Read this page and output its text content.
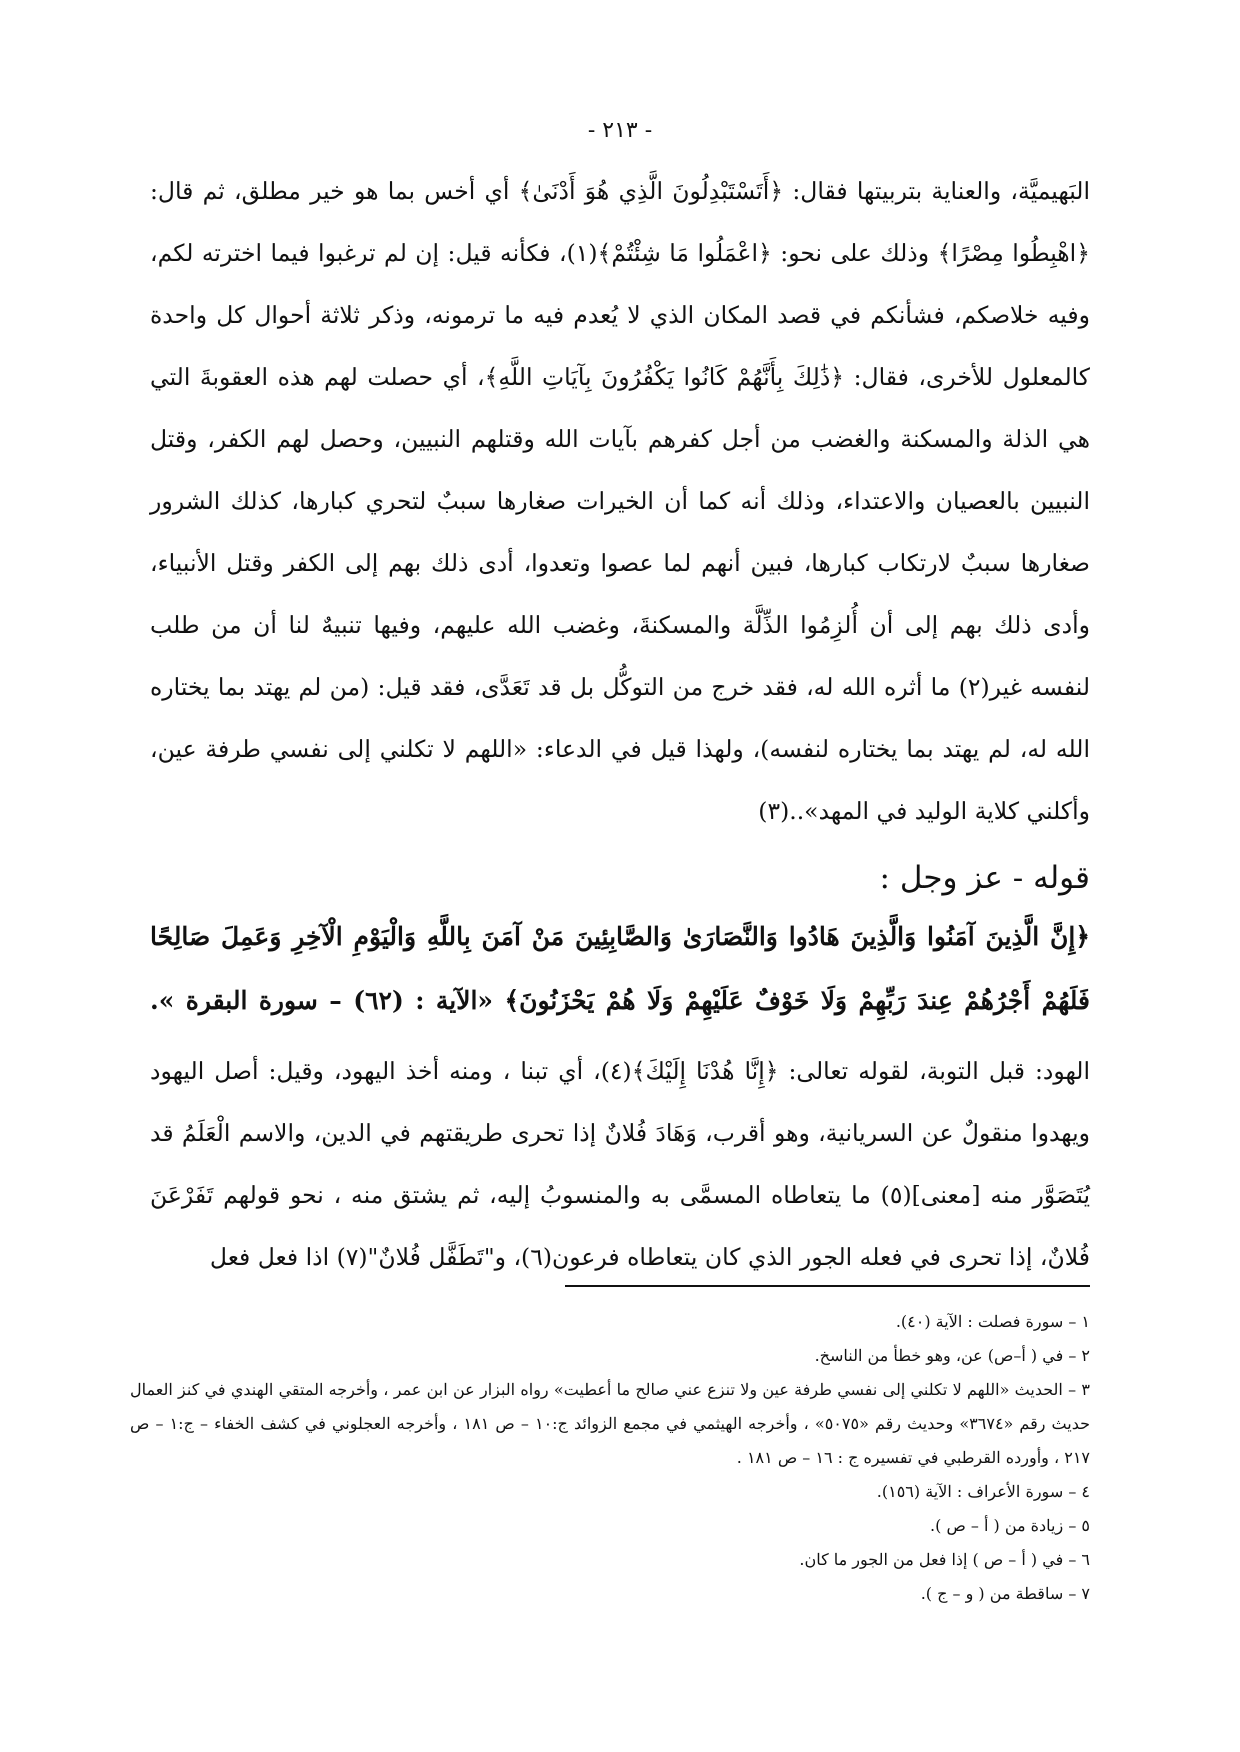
- ٢١٣ -

البَهيميَّة، والعناية بتربيتها فقال: ﴿أَتَسْتَبْدِلُونَ الَّذِي هُوَ أَدْنَىٰ﴾ أي أخس بما هو خير مطلق، ثم قال: ﴿اهْبِطُوا مِصْرًا﴾ وذلك على نحو: ﴿اعْمَلُوا مَا شِئْتُمْ﴾(١)، فكأنه قيل: إن لم ترغبوا فيما اخترته لكم، وفيه خلاصكم، فشأنكم في قصد المكان الذي لا يُعدم فيه ما ترمونه، وذكر ثلاثة أحوال كل واحدة كالمعلول للأخرى، فقال: ﴿ذَٰلِكَ بِأَنَّهُمْ كَانُوا يَكْفُرُونَ بِآيَاتِ اللَّهِ﴾، أي حصلت لهم هذه العقوبةَ التي هي الذلة والمسكنة والغضب من أجل كفرهم بآيات الله وقتلهم النبيين، وحصل لهم الكفر، وقتل النبيين بالعصيان والاعتداء، وذلك أنه كما أن الخيرات صغارها سببٌ لتحري كبارها، كذلك الشرور صغارها سببٌ لارتكاب كبارها، فبين أنهم لما عصوا وتعدوا، أدى ذلك بهم إلى الكفر وقتل الأنبياء، وأدى ذلك بهم إلى أن أُلزِمُوا الذِّلَّة والمسكنةَ، وغضب الله عليهم، وفيها تنبيهٌ لنا أن من طلب لنفسه غير(٢) ما أثره الله له، فقد خرج من التوكُّل بل قد تَعَدَّى، فقد قيل: (من لم يهتد بما يختاره الله له، لم يهتد بما يختاره لنفسه)، ولهذا قيل في الدعاء: «اللهم لا تكلني إلى نفسي طرفة عين، وأكلني كلاية الوليد في المهد»..(٣)

قوله - عز وجل :
﴿إِنَّ الَّذِينَ آمَنُوا وَالَّذِينَ هَادُوا وَالنَّصَارَىٰ وَالصَّابِئِينَ مَنْ آمَنَ بِاللَّهِ وَالْيَوْمِ الْآخِرِ وَعَمِلَ صَالِحًا فَلَهُمْ أَجْرُهُمْ عِندَ رَبِّهِمْ وَلَا خَوْفٌ عَلَيْهِمْ وَلَا هُمْ يَحْزَنُونَ﴾ «الآية : (٦٢) – سورة البقرة ».

الهود: قبل التوبة، لقوله تعالى: ﴿إِنَّا هُدْنَا إِلَيْكَ﴾(٤)، أي تبنا ، ومنه أخذ اليهود، وقيل: أصل اليهود ويهدوا منقولٌ عن السريانية، وهو أقرب، وَهَادَ فُلانٌ إذا تحرى طريقتهم في الدين، والاسم الْعَلَمُ قد يُتَصَوَّر منه [معنى](٥) ما يتعاطاه المسمَّى به والمنسوبُ إليه، ثم يشتق منه ، نحو قولهم تَفَرْعَنَ فُلانٌ، إذا تحرى في فعله الجور الذي كان يتعاطاه فرعون(٦)، و"تَطَفَّل فُلانٌ"(٧) اذا فعل فعل

١ – سورة فصلت : الآية (٤٠).
٢ – في ( أ–ص) عن، وهو خطأ من الناسخ.
٣ – الحديث «اللهم لا تكلني إلى نفسي طرفة عين ولا تنزع عني صالح ما أعطيت» رواه البزار عن ابن عمر ، وأخرجه المتقي الهندي في كنز العمال حديث رقم «٣٦٧٤» وحديث رقم «٥٠٧٥» ، وأخرجه الهيثمي في مجمع الزوائد ج:١٠ – ص ١٨١ ، وأخرجه العجلوني في كشف الخفاء – ج:١ – ص ٢١٧ ، وأورده القرطبي في تفسيره ج : ١٦ – ص ١٨١ .
٤ – سورة الأعراف : الآية (١٥٦).
٥ – زيادة من ( أ – ص ).
٦ – في ( أ – ص ) إذا فعل من الجور ما كان.
٧ – ساقطة من ( و – ج ).
